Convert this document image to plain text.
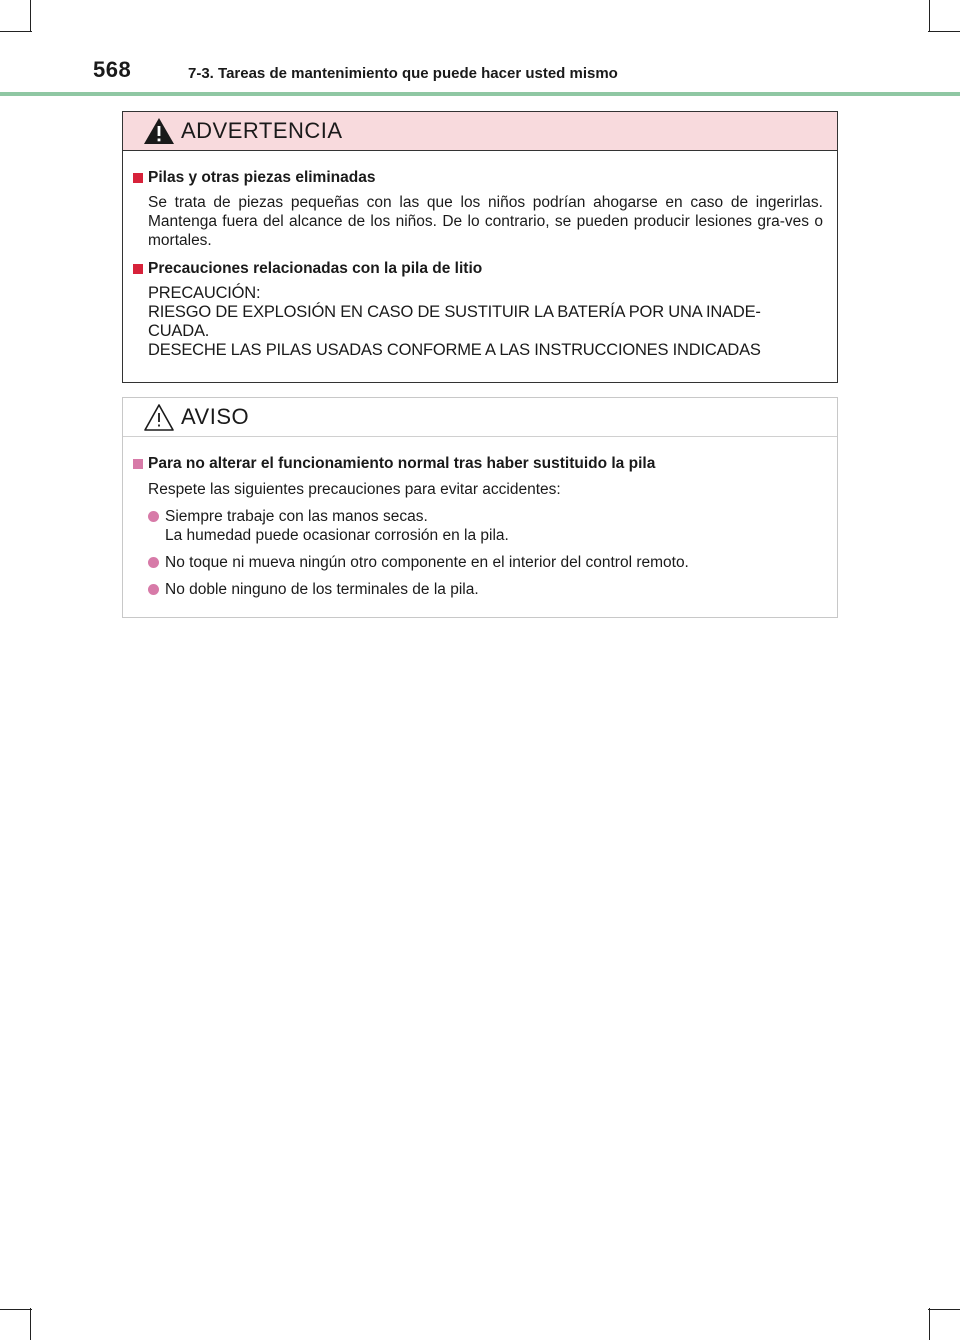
568	7-3. Tareas de mantenimiento que puede hacer usted mismo
ADVERTENCIA
Pilas y otras piezas eliminadas
Se trata de piezas pequeñas con las que los niños podrían ahogarse en caso de ingerirlas. Mantenga fuera del alcance de los niños. De lo contrario, se pueden producir lesiones gra-ves o mortales.
Precauciones relacionadas con la pila de litio
PRECAUCIÓN:
RIESGO DE EXPLOSIÓN EN CASO DE SUSTITUIR LA BATERÍA POR UNA INADE-
CUADA.
DESECHE LAS PILAS USADAS CONFORME A LAS INSTRUCCIONES INDICADAS
AVISO
Para no alterar el funcionamiento normal tras haber sustituido la pila
Respete las siguientes precauciones para evitar accidentes:
Siempre trabaje con las manos secas.
La humedad puede ocasionar corrosión en la pila.
No toque ni mueva ningún otro componente en el interior del control remoto.
No doble ninguno de los terminales de la pila.
